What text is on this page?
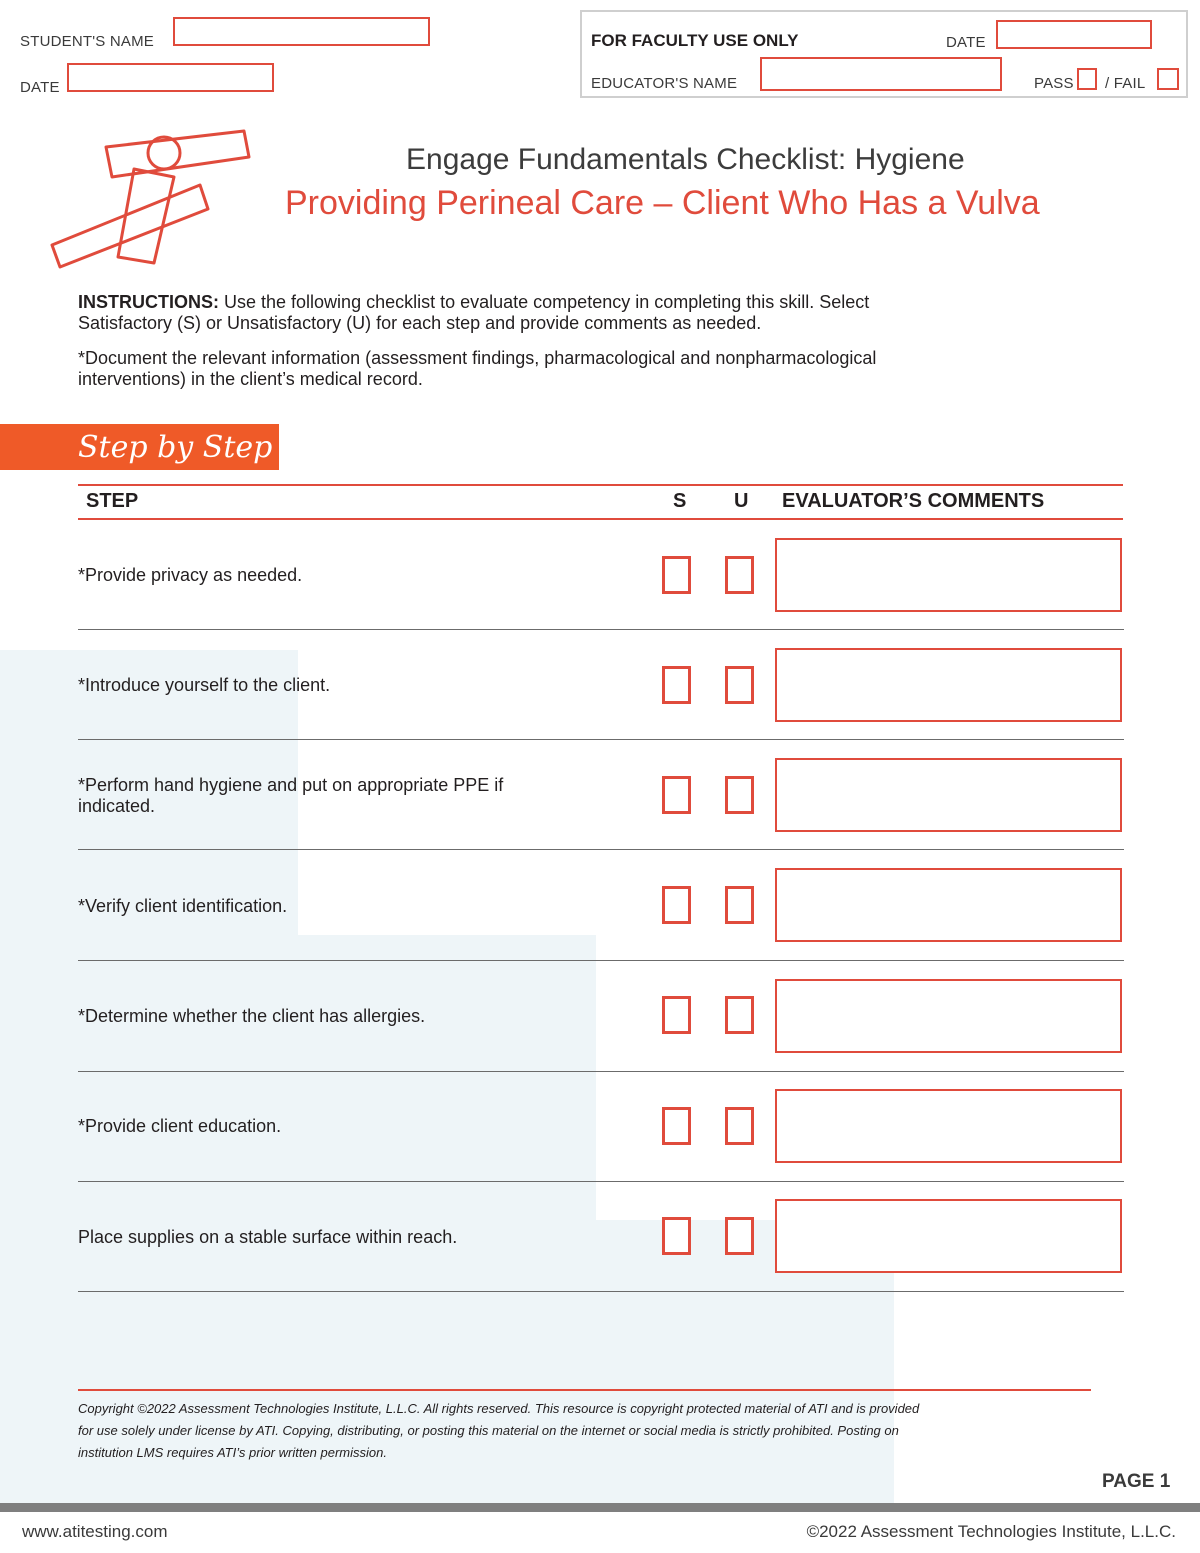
STUDENT'S NAME
DATE
FOR FACULTY USE ONLY	DATE
EDUCATOR'S NAME	PASS / FAIL
Engage Fundamentals Checklist: Hygiene
Providing Perineal Care – Client Who Has a Vulva
INSTRUCTIONS: Use the following checklist to evaluate competency in completing this skill. Select
Satisfactory (S) or Unsatisfactory (U) for each step and provide comments as needed.
*Document the relevant information (assessment findings, pharmacological and nonpharmacological
interventions) in the client’s medical record.
Step by Step
STEP	S U EVALUATOR’S COMMENTS
*Provide privacy as needed.
*Introduce yourself to the client.
*Perform hand hygiene and put on appropriate PPE if
indicated.
*Verify client identification.
*Determine whether the client has allergies.
*Provide client education.
Place supplies on a stable surface within reach.
Copyright ©2022 Assessment Technologies Institute, L.L.C. All rights reserved. This resource is copyright protected material of ATI and is provided
for use solely under license by ATI. Copying, distributing, or posting this material on the internet or social media is strictly prohibited. Posting on
institution LMS requires ATI’s prior written permission.
PAGE 1
www.atitesting.com	©2022 Assessment Technologies Institute, L.L.C.
